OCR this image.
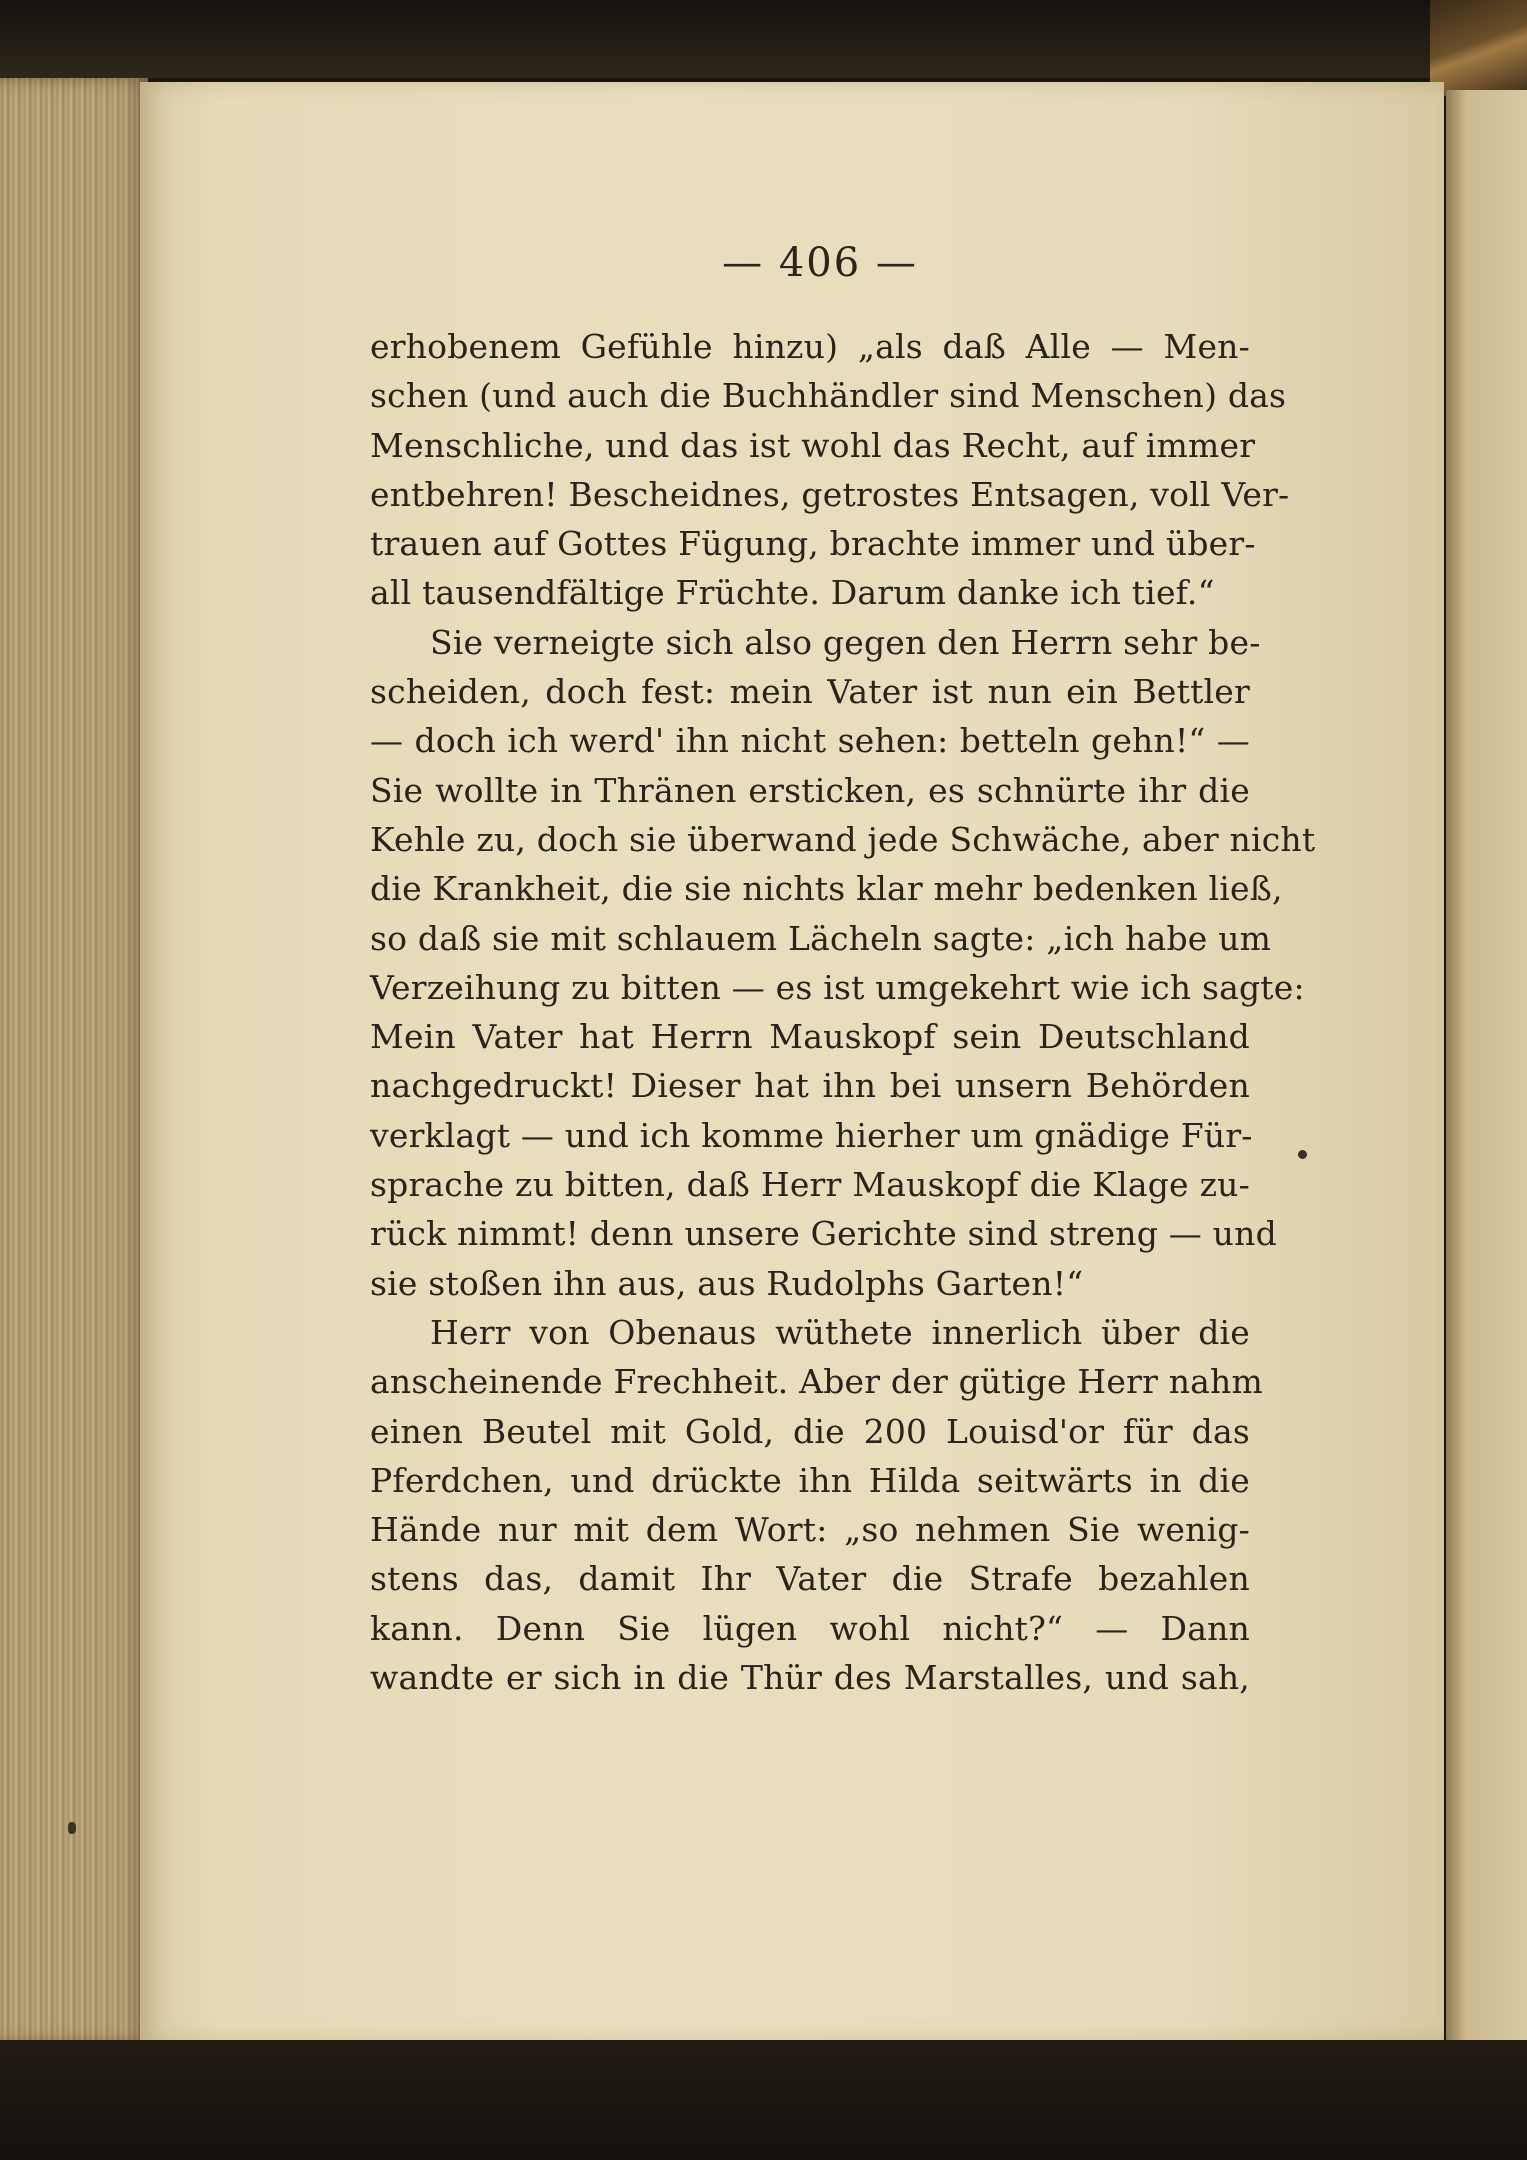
— 406 —
erhobenem Gefühle hinzu) „als daß Alle — Men-
schen (und auch die Buchhändler sind Menschen) das
Menschliche, und das ist wohl das Recht, auf immer
entbehren! Bescheidnes, getrostes Entsagen, voll Ver-
trauen auf Gottes Fügung, brachte immer und über-
all tausendfältige Früchte. Darum danke ich tief.“
Sie verneigte sich also gegen den Herrn sehr be-
scheiden, doch fest: mein Vater ist nun ein Bettler
— doch ich werd' ihn nicht sehen: betteln gehn!“ —
Sie wollte in Thränen ersticken, es schnürte ihr die
Kehle zu, doch sie überwand jede Schwäche, aber nicht
die Krankheit, die sie nichts klar mehr bedenken ließ,
so daß sie mit schlauem Lächeln sagte: „ich habe um
Verzeihung zu bitten — es ist umgekehrt wie ich sagte:
Mein Vater hat Herrn Mauskopf sein Deutschland
nachgedruckt! Dieser hat ihn bei unsern Behörden
verklagt — und ich komme hierher um gnädige Für-
sprache zu bitten, daß Herr Mauskopf die Klage zu-
rück nimmt! denn unsere Gerichte sind streng — und
sie stoßen ihn aus, aus Rudolphs Garten!“
Herr von Obenaus wüthete innerlich über die
anscheinende Frechheit. Aber der gütige Herr nahm
einen Beutel mit Gold, die 200 Louisd'or für das
Pferdchen, und drückte ihn Hilda seitwärts in die
Hände nur mit dem Wort: „so nehmen Sie wenig-
stens das, damit Ihr Vater die Strafe bezahlen
kann. Denn Sie lügen wohl nicht?“ — Dann
wandte er sich in die Thür des Marstalles, und sah,
